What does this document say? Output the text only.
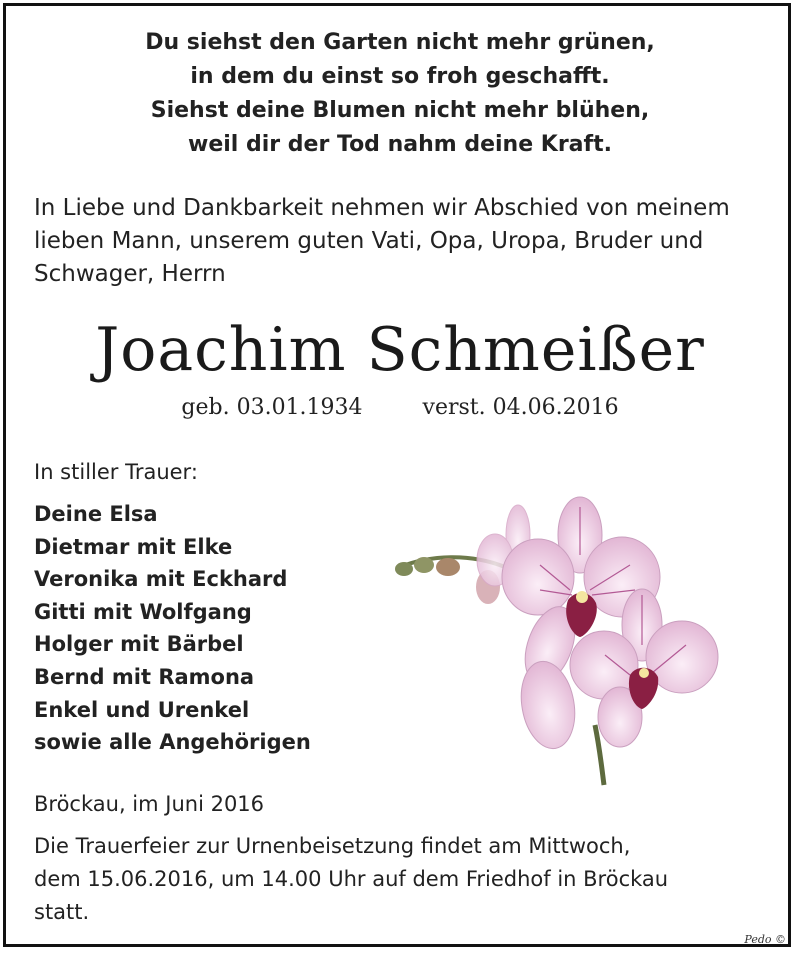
Du siehst den Garten nicht mehr grünen,
in dem du einst so froh geschafft.
Siehst deine Blumen nicht mehr blühen,
weil dir der Tod nahm deine Kraft.
In Liebe und Dankbarkeit nehmen wir Abschied von meinem
lieben Mann, unserem guten Vati, Opa, Uropa, Bruder und
Schwager, Herrn
Joachim Schmeißer
geb. 03.01.1934	verst. 04.06.2016
In stiller Trauer:
Deine Elsa
Dietmar mit Elke
Veronika mit Eckhard
Gitti mit Wolfgang
Holger mit Bärbel
Bernd mit Ramona
Enkel und Urenkel
sowie alle Angehörigen
Bröckau, im Juni 2016
Die Trauerfeier zur Urnenbeisetzung findet am Mittwoch,
dem 15.06.2016, um 14.00 Uhr auf dem Friedhof in Bröckau
statt.
Pedo ©
